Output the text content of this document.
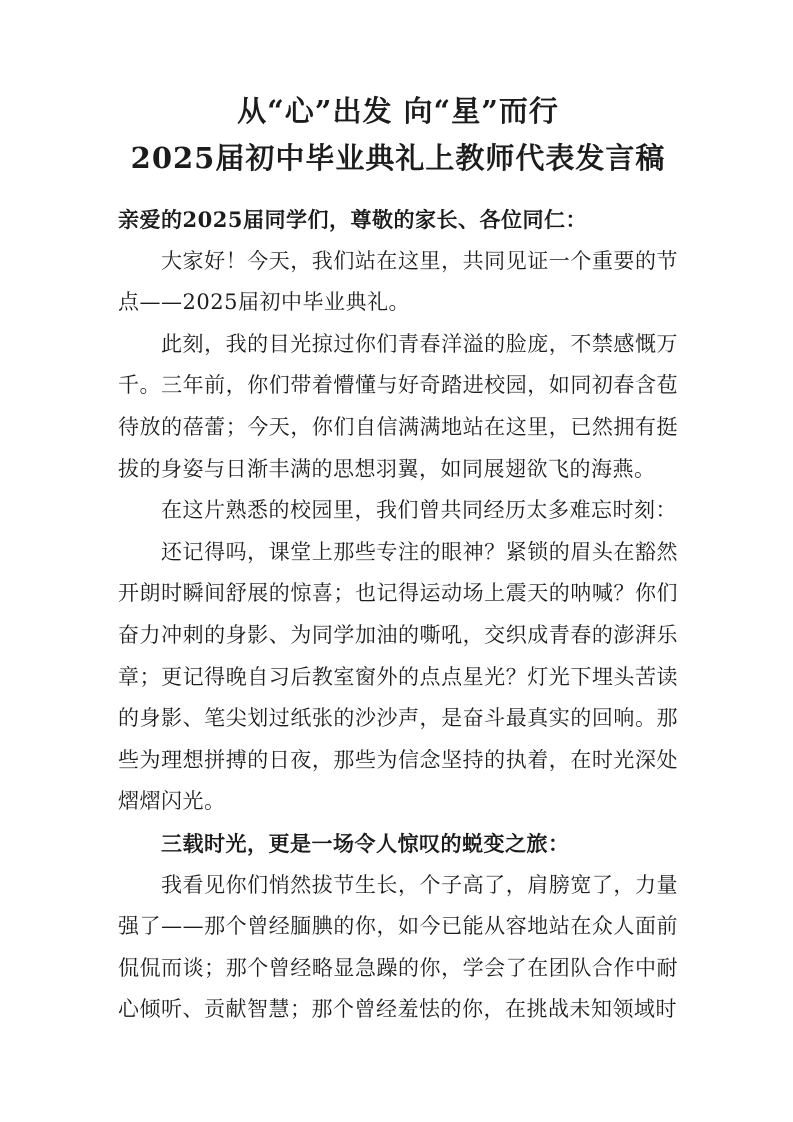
从“心”出发 向“星”而行
2025届初中毕业典礼上教师代表发言稿

亲爱的2025届同学们，尊敬的家长、各位同仁：

大家好！今天，我们站在这里，共同见证一个重要的节点——2025届初中毕业典礼。

此刻，我的目光掠过你们青春洋溢的脸庞，不禁感慨万千。三年前，你们带着懵懂与好奇踏进校园，如同初春含苞待放的蓓蕾；今天，你们自信满满地站在这里，已然拥有挺拔的身姿与日渐丰满的思想羽翼，如同展翅欲飞的海燕。

在这片熟悉的校园里，我们曾共同经历太多难忘时刻：

还记得吗，课堂上那些专注的眼神？紧锁的眉头在豁然开朗时瞬间舒展的惊喜；也记得运动场上震天的呐喊？你们奋力冲刺的身影、为同学加油的嘶吼，交织成青春的澎湃乐章；更记得晚自习后教室窗外的点点星光？灯光下埋头苦读的身影、笔尖划过纸张的沙沙声，是奋斗最真实的回响。那些为理想拼搏的日夜，那些为信念坚持的执着，在时光深处熠熠闪光。

三载时光，更是一场令人惊叹的蜕变之旅：

我看见你们悄然拔节生长，个子高了，肩膀宽了，力量强了——那个曾经腼腆的你，如今已能从容地站在众人面前侃侃而谈；那个曾经略显急躁的你，学会了在团队合作中耐心倾听、贡献智慧；那个曾经羞怯的你，在挑战未知领域时
